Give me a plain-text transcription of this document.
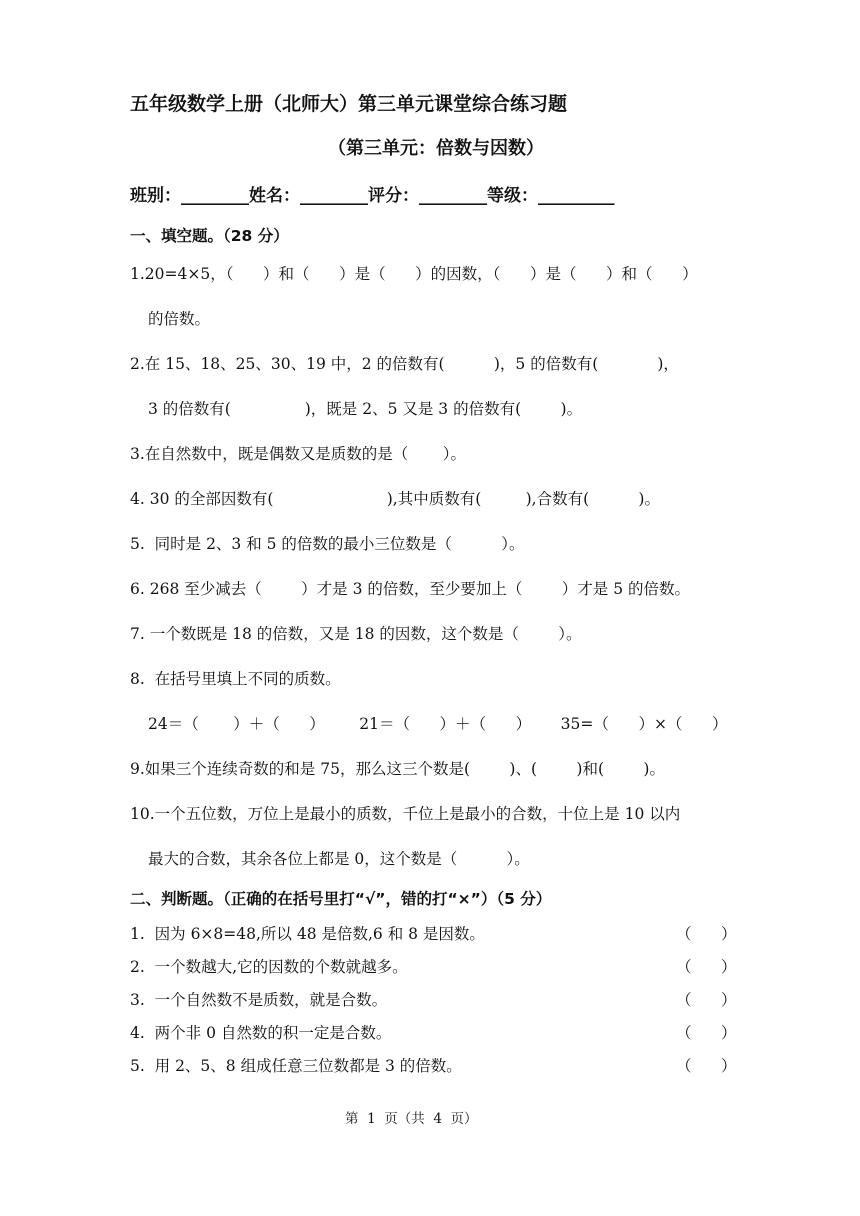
五年级数学上册（北师大）第三单元课堂综合练习题
（第三单元：倍数与因数）
班别：________姓名：________评分：________等级：_________
一、填空题。（28 分）
1.20=4×5，（      ）和（      ）是（      ）的因数，（      ）是（      ）和（      ）
的倍数。
2.在 15、18、25、30、19 中，2 的倍数有(          )，5 的倍数有(            )，
3 的倍数有(               )，既是 2、5 又是 3 的倍数有(        )。
3.在自然数中，既是偶数又是质数的是（       ）。
4. 30 的全部因数有(                       ),其中质数有(         ),合数有(          )。
5.  同时是 2、3 和 5 的倍数的最小三位数是（          ）。
6. 268 至少减去（        ）才是 3 的倍数，至少要加上（        ）才是 5 的倍数。
7. 一个数既是 18 的倍数，又是 18 的因数，这个数是（        ）。
8.  在括号里填上不同的质数。
24＝（       ）＋（      ）       21＝（      ）＋（      ）      35=（      ）×（      ）
9.如果三个连续奇数的和是 75，那么这三个数是(        )、(        )和(        )。
10.一个五位数，万位上是最小的质数，千位上是最小的合数，十位上是 10 以内
最大的合数，其余各位上都是 0，这个数是（          ）。
二、判断题。（正确的在括号里打“√”，错的打“×”）（5 分）
1.  因为 6×8=48,所以 48 是倍数,6 和 8 是因数。	（      ）
2.  一个数越大,它的因数的个数就越多。	（      ）
3.  一个自然数不是质数，就是合数。	（      ）
4.  两个非 0 自然数的积一定是合数。	（      ）
5.  用 2、5、8 组成任意三位数都是 3 的倍数。	（      ）
第  1  页（共  4  页）
